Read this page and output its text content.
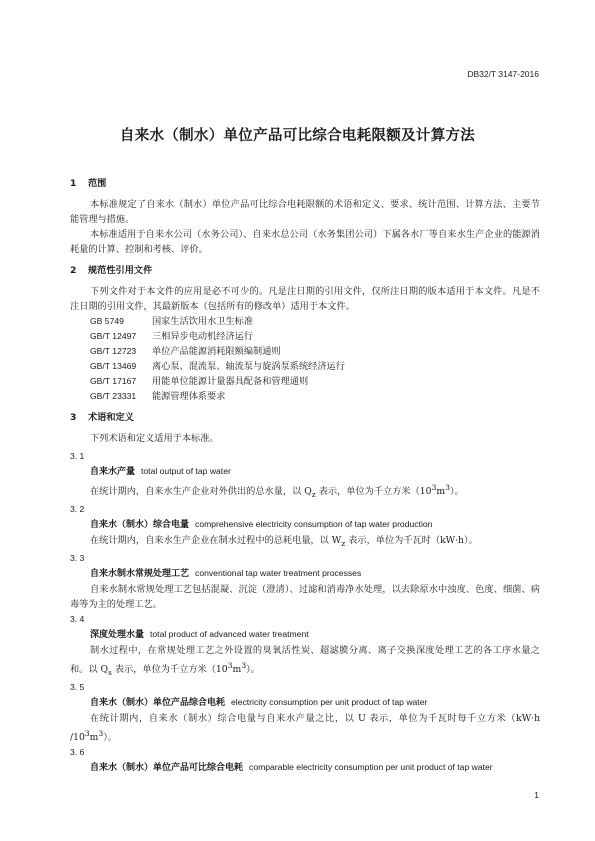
DB32/T 3147-2016
自来水（制水）单位产品可比综合电耗限额及计算方法
1 范围

本标准规定了自来水（制水）单位产品可比综合电耗限额的术语和定义、要求、统计范围、计算方法、主要节能管理与措施。

本标准适用于自来水公司（水务公司）、自来水总公司（水务集团公司）下属各水厂等自来水生产企业的能源消耗量的计算、控制和考核、评价。

2 规范性引用文件

下列文件对于本文件的应用是必不可少的。凡是注日期的引用文件，仅所注日期的版本适用于本文件。凡是不注日期的引用文件，其最新版本（包括所有的修改单）适用于本文件。

GB 5749	国家生活饮用水卫生标准

GB/T 12497 三相异步电动机经济运行

GB/T 12723 单位产品能源消耗限额编制通则

GB/T 13469 离心泵、混流泵、轴流泵与旋涡泵系统经济运行

GB/T 17167 用能单位能源计量器具配备和管理通则

GB/T 23331 能源管理体系要求

3 术语和定义

下列术语和定义适用于本标准。

3. 1

自来水产量 total output of tap water

在统计期内，自来水生产企业对外供出的总水量，以 $Q_z$ 表示，单位为千立方米$(10^3m^3)$。

3. 2

自来水（制水）综合电量 comprehensive electricity consumption of tap water production

在统计期内，自来水生产企业在制水过程中的总耗电量，以 $W_z$ 表示，单位为千瓦时（kW·h）。

3. 3

自来水制水常规处理工艺 conventional tap water treatment processes

自来水制水常规处理工艺包括混凝、沉淀（澄清）、过滤和消毒净水处理，以去除原水中浊度、色度、细菌、病毒等为主的处理工艺。

3. 4

深度处理水量 total product of advanced water treatment

制水过程中，在常规处理工艺之外设置的臭氧活性炭、超滤膜分离、离子交换深度处理工艺的各工序水量之和。以 $Q_s$ 表示，单位为千立方米$(10^3m^3)$。

3. 5

自来水（制水）单位产品综合电耗 electricity consumption per unit product of tap water

在统计期内，自来水（制水）综合电量与自来水产量之比，以 U 表示，单位为千瓦时每千立方米（kW·h $/10^3m^3$）。

3. 6

自来水（制水）单位产品可比综合电耗 comparable electricity consumption per unit product of tap water

1
